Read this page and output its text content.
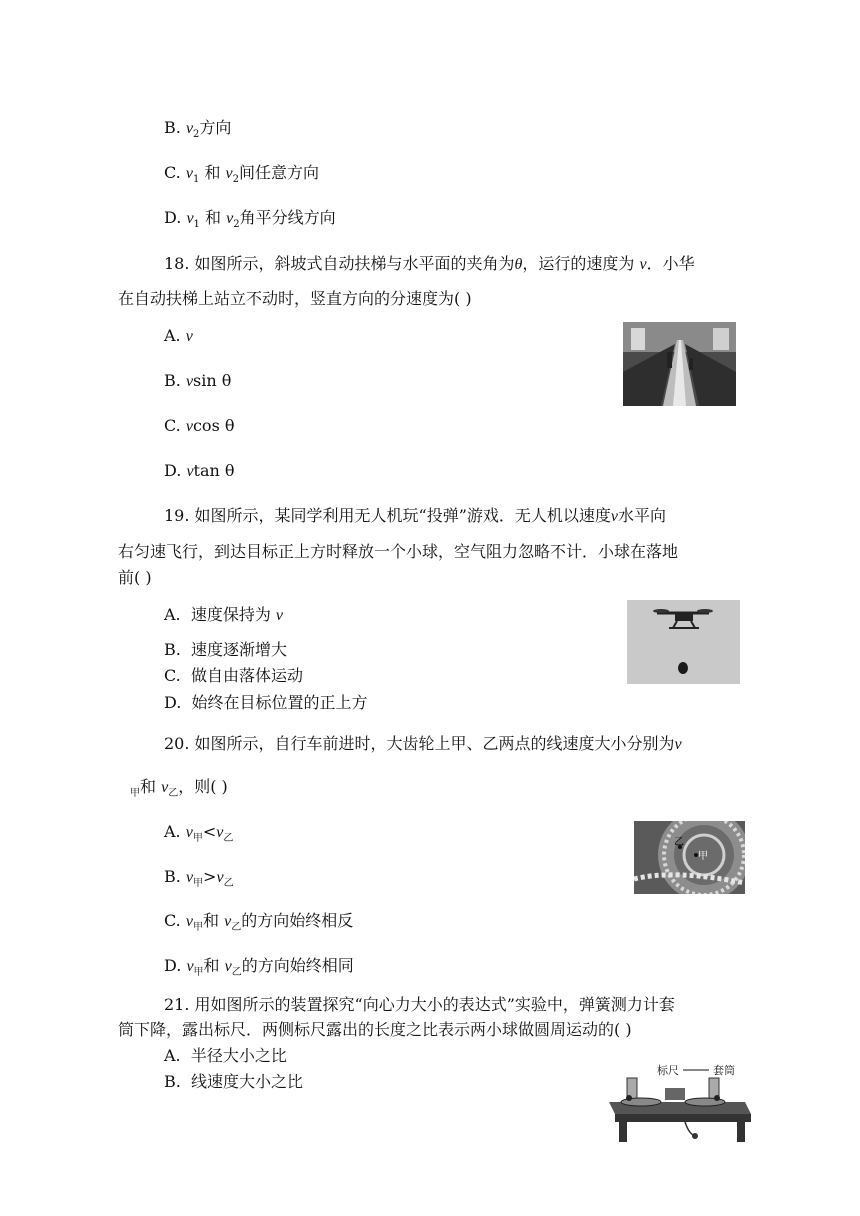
B. $v_2$方向
C. $v_1$ 和 $v_2$间任意方向
D. $v_1$ 和 $v_2$角平分线方向
18. 如图所示，斜坡式自动扶梯与水平面的夹角为θ，运行的速度为 v．小华
在自动扶梯上站立不动时，竖直方向的分速度为( )
A. v
B. vsin θ
C. vcos θ
D. vtan θ
19. 如图所示，某同学利用无人机玩“投弹”游戏．无人机以速度v水平向
右匀速飞行，到达目标正上方时释放一个小球，空气阻力忽略不计．小球在落地
前( )
A. 速度保持为 v
B. 速度逐渐增大
C. 做自由落体运动
D. 始终在目标位置的正上方
20. 如图所示，自行车前进时，大齿轮上甲、乙两点的线速度大小分别为v
$_甲$和 $v_乙$，则( )
A. $v_甲<v_乙$
B. $v_甲>v_乙$
C. $v_甲$和 $v_乙$的方向始终相反
D. $v_甲$和 $v_乙$的方向始终相同
乙
甲
21. 用如图所示的装置探究“向心力大小的表达式”实验中，弹簧测力计套
筒下降，露出标尺．两侧标尺露出的长度之比表示两小球做圆周运动的( )
A. 半径大小之比
B. 线速度大小之比
标尺	套筒
